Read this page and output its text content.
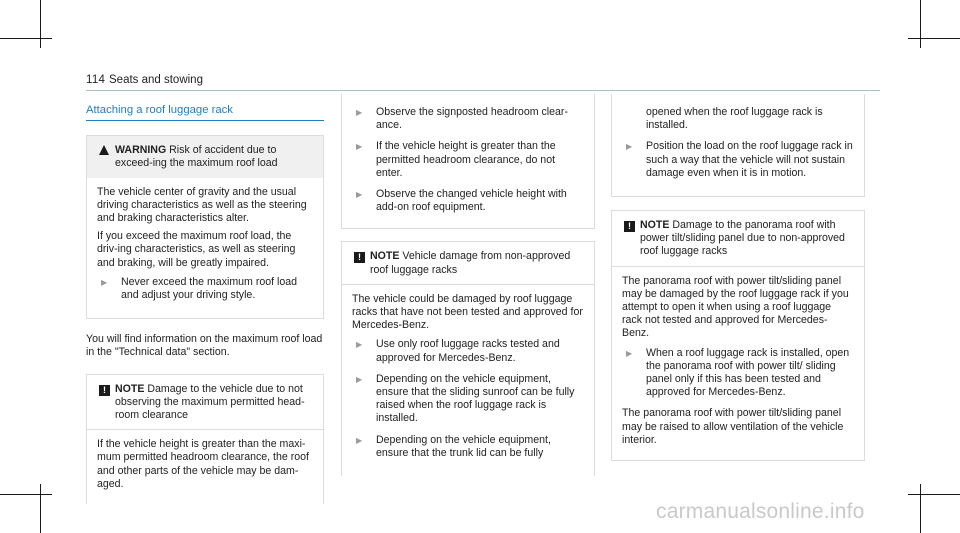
114 Seats and stowing
Attaching a roof luggage rack
WARNING Risk of accident due to exceed-ing the maximum roof load

The vehicle center of gravity and the usual driving characteristics as well as the steering and braking characteristics alter.

If you exceed the maximum roof load, the driv-ing characteristics, as well as steering and braking, will be greatly impaired.

▶	Never exceed the maximum roof load and adjust your driving style.

You will find information on the maximum roof load in the "Technical data" section.

! NOTE Damage to the vehicle due to not observing the maximum permitted head-room clearance

If the vehicle height is greater than the maxi-mum permitted headroom clearance, the roof and other parts of the vehicle may be dam-aged.

▶	Observe the signposted headroom clear-ance.
▶	If the vehicle height is greater than the permitted headroom clearance, do not enter.
▶	Observe the changed vehicle height with add-on roof equipment.
! NOTE Vehicle damage from non-approved roof luggage racks

The vehicle could be damaged by roof luggage racks that have not been tested and approved for Mercedes-Benz.

▶	Use only roof luggage racks tested and approved for Mercedes-Benz.
▶	Depending on the vehicle equipment, ensure that the sliding sunroof can be fully raised when the roof luggage rack is installed.
▶	Depending on the vehicle equipment, ensure that the trunk lid can be fully
opened when the roof luggage rack is installed.
▶	Position the load on the roof luggage rack in such a way that the vehicle will not sustain damage even when it is in motion.
! NOTE Damage to the panorama roof with power tilt/sliding panel due to non-approved roof luggage racks

The panorama roof with power tilt/sliding panel may be damaged by the roof luggage rack if you attempt to open it when using a roof luggage rack not tested and approved for Mercedes-Benz.

▶	When a roof luggage rack is installed, open the panorama roof with power tilt/ sliding panel only if this has been tested and approved for Mercedes-Benz.

The panorama roof with power tilt/sliding panel may be raised to allow ventilation of the vehicle interior.

carmanualsonline.info
